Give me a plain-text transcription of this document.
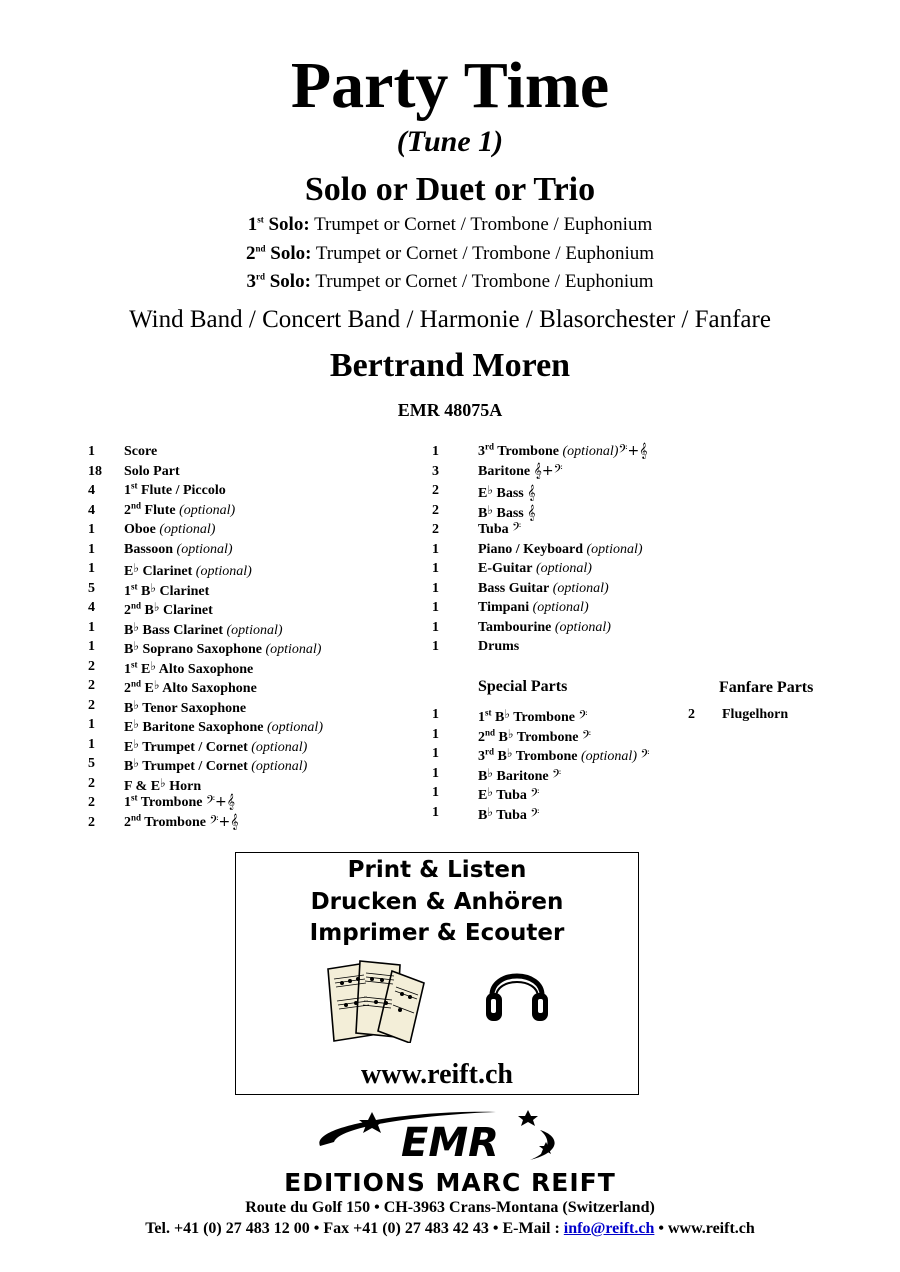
Party Time
(Tune 1)
Solo or Duet or Trio
1st Solo: Trumpet or Cornet / Trombone / Euphonium
2nd Solo: Trumpet or Cornet / Trombone / Euphonium
3rd Solo: Trumpet or Cornet / Trombone / Euphonium
Wind Band / Concert Band / Harmonie / Blasorchester / Fanfare
Bertrand Moren
EMR 48075A
1 Score
18 Solo Part
4 1st Flute / Piccolo
4 2nd Flute (optional)
1 Oboe (optional)
1 Bassoon (optional)
1 E♭ Clarinet (optional)
5 1st B♭ Clarinet
4 2nd B♭ Clarinet
1 B♭ Bass Clarinet (optional)
1 B♭ Soprano Saxophone (optional)
2 1st E♭ Alto Saxophone
2 2nd E♭ Alto Saxophone
2 B♭ Tenor Saxophone
1 E♭ Baritone Saxophone (optional)
1 E♭ Trumpet / Cornet (optional)
5 B♭ Trumpet / Cornet (optional)
2 F & E♭ Horn
2 1st Trombone 𝄢+𝄞
2 2nd Trombone 𝄢+𝄞
1	3rd Trombone (optional)𝄢+𝄞
3	Baritone 𝄞+𝄢
2	E♭ Bass 𝄞
2	B♭ Bass 𝄞
2	Tuba 𝄢
1	Piano / Keyboard (optional)
1	E-Guitar (optional)
1	Bass Guitar (optional)
1	Timpani (optional)
1	Tambourine (optional)
1	Drums
Special Parts
1	1st B♭ Trombone 𝄢
1	2nd B♭ Trombone 𝄢
1	3rd B♭ Trombone (optional) 𝄢
1	B♭ Baritone 𝄢
1	E♭ Tuba 𝄢
1	B♭ Tuba 𝄢
Fanfare Parts
2 Flugelhorn
Print & Listen
Drucken & Anhören
Imprimer & Ecouter
www.reift.ch
EMR
EDITIONS MARC REIFT
Route du Golf 150 • CH-3963 Crans-Montana (Switzerland)
Tel. +41 (0) 27 483 12 00 • Fax +41 (0) 27 483 42 43 • E-Mail : info@reift.ch • www.reift.ch
